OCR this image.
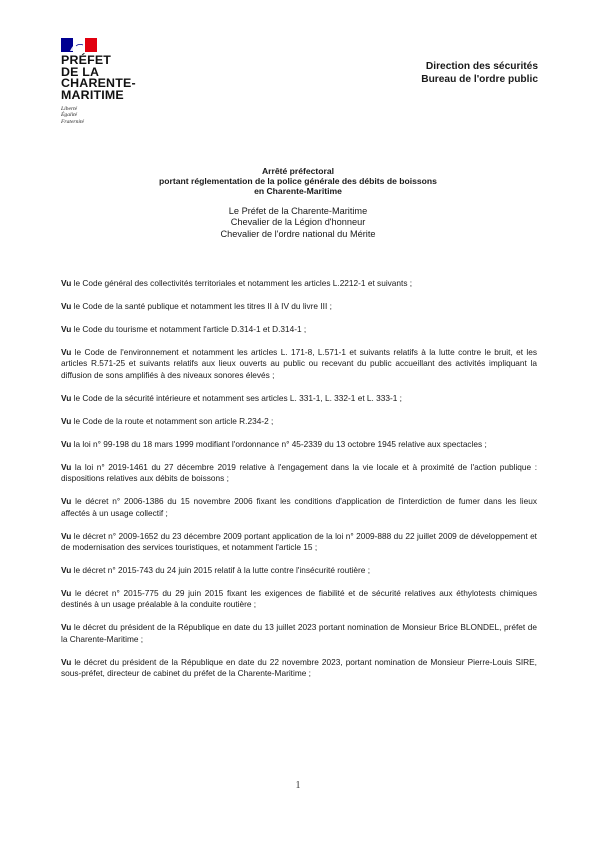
PRÉFET
DE LA
CHARENTE-
MARITIME
Liberté
Égalité
Fraternité
Direction des sécurités
Bureau de l'ordre public
Arrêté préfectoral
portant réglementation de la police générale des débits de boissons
en Charente-Maritime
Le Préfet de la Charente-Maritime
Chevalier de la Légion d'honneur
Chevalier de l'ordre national du Mérite

Vu le Code général des collectivités territoriales et notamment les articles L.2212-1 et suivants ;

Vu le Code de la santé publique et notamment les titres II à IV du livre III ;

Vu le Code du tourisme et notamment l'article D.314-1 et D.314-1 ;

Vu le Code de l'environnement et notamment les articles L. 171-8, L.571-1 et suivants relatifs à la lutte contre le bruit, et les articles R.571-25 et suivants relatifs aux lieux ouverts au public ou recevant du public accueillant des activités impliquant la diffusion de sons amplifiés à des niveaux sonores élevés ;

Vu le Code de la sécurité intérieure et notamment ses articles L. 331-1, L. 332-1 et L. 333-1 ;

Vu le Code de la route et notamment son article R.234-2 ;

Vu la loi n° 99-198 du 18 mars 1999 modifiant l'ordonnance n° 45-2339 du 13 octobre 1945 relative aux spectacles ;

Vu la loi n° 2019-1461 du 27 décembre 2019 relative à l'engagement dans la vie locale et à proximité de l'action publique : dispositions relatives aux débits de boissons ;

Vu le décret n° 2006-1386 du 15 novembre 2006 fixant les conditions d'application de l'interdiction de fumer dans les lieux affectés à un usage collectif ;

Vu le décret n° 2009-1652 du 23 décembre 2009 portant application de la loi n° 2009-888 du 22 juillet 2009 de développement et de modernisation des services touristiques, et notamment l'article 15 ;

Vu le décret n° 2015-743 du 24 juin 2015 relatif à la lutte contre l'insécurité routière ;

Vu le décret n° 2015-775 du 29 juin 2015 fixant les exigences de fiabilité et de sécurité relatives aux éthylotests chimiques destinés à un usage préalable à la conduite routière ;

Vu le décret du président de la République en date du 13 juillet 2023 portant nomination de Monsieur Brice BLONDEL, préfet de la Charente-Maritime ;

Vu le décret du président de la République en date du 22 novembre 2023, portant nomination de Monsieur Pierre-Louis SIRE, sous-préfet, directeur de cabinet du préfet de la Charente-Maritime ;

1
